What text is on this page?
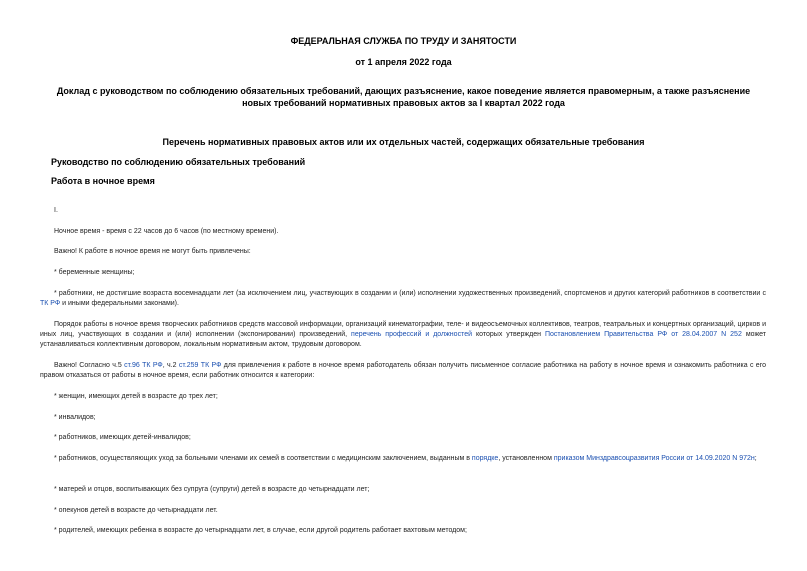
ФЕДЕРАЛЬНАЯ СЛУЖБА ПО ТРУДУ И ЗАНЯТОСТИ
от 1 апреля 2022 года
Доклад с руководством по соблюдению обязательных требований, дающих разъяснение, какое поведение является правомерным, а также разъяснение новых требований нормативных правовых актов за I квартал 2022 года
Перечень нормативных правовых актов или их отдельных частей, содержащих обязательные требования
Руководство по соблюдению обязательных требований
Работа в ночное время
I.
Ночное время - время с 22 часов до 6 часов (по местному времени).
Важно! К работе в ночное время не могут быть привлечены:
* беременные женщины;
* работники, не достигшие возраста восемнадцати лет (за исключением лиц, участвующих в создании и (или) исполнении художественных произведений, спортсменов и других категорий работников в соответствии с ТК РФ и иными федеральными законами).
Порядок работы в ночное время творческих работников средств массовой информации, организаций кинематографии, теле- и видеосъемочных коллективов, театров, театральных и концертных организаций, цирков и иных лиц, участвующих в создании и (или) исполнении (экспонировании) произведений, перечень профессий и должностей которых утвержден Постановлением Правительства РФ от 28.04.2007 N 252 может устанавливаться коллективным договором, локальным нормативным актом, трудовым договором.
Важно! Согласно ч.5 ст.96 ТК РФ, ч.2 ст.259 ТК РФ для привлечения к работе в ночное время работодатель обязан получить письменное согласие работника на работу в ночное время и ознакомить работника с его правом отказаться от работы в ночное время, если работник относится к категории:
* женщин, имеющих детей в возрасте до трех лет;
* инвалидов;
* работников, имеющих детей-инвалидов;
* работников, осуществляющих уход за больными членами их семей в соответствии с медицинским заключением, выданным в порядке, установленном приказом Минздравсоцразвития России от 14.09.2020 N 972н;
* матерей и отцов, воспитывающих без супруга (супруги) детей в возрасте до четырнадцати лет;
* опекунов детей в возрасте до четырнадцати лет.
* родителей, имеющих ребенка в возрасте до четырнадцати лет, в случае, если другой родитель работает вахтовым методом;
